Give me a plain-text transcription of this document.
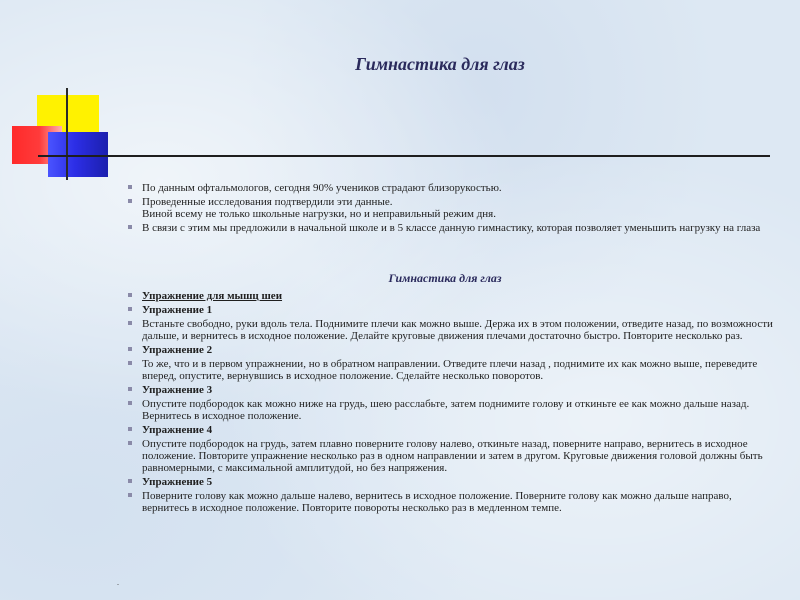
Гимнастика для глаз
По данным офтальмологов, сегодня 90% учеников страдают близорукостью.
Проведенные исследования подтвердили эти данные.
Виной всему не только школьные нагрузки, но и неправильный режим дня.
В связи с этим мы предложили в начальной школе и в 5 классе данную гимнастику, которая позволяет уменьшить нагрузку на глаза
Гимнастика для глаз
Упражнение для мышц шеи
Упражнение 1
Встаньте свободно, руки вдоль тела. Поднимите плечи как можно выше. Держа их в этом положении, отведите назад, по возможности дальше, и вернитесь в исходное положение. Делайте круговые движения плечами достаточно быстро. Повторите несколько раз.
Упражнение 2
То же, что и в первом упражнении, но в обратном направлении. Отведите плечи назад , поднимите их как можно выше, переведите вперед, опустите, вернувшись в исходное положение. Сделайте несколько поворотов.
Упражнение 3
Опустите подбородок как можно ниже на грудь, шею расслабьте, затем поднимите голову и откиньте ее как можно дальше назад. Вернитесь в исходное положение.
Упражнение 4
Опустите подбородок на грудь, затем плавно поверните голову налево, откиньте назад, поверните направо, вернитесь в исходное положение. Повторите упражнение несколько раз в одном направлении и затем в другом. Круговые движения головой должны быть равномерными, с максимальной амплитудой, но без напряжения.
Упражнение 5
Поверните голову как можно дальше налево, вернитесь в исходное положение. Поверните голову как можно дальше направо, вернитесь в исходное положение. Повторите повороты несколько раз в медленном темпе.
.
